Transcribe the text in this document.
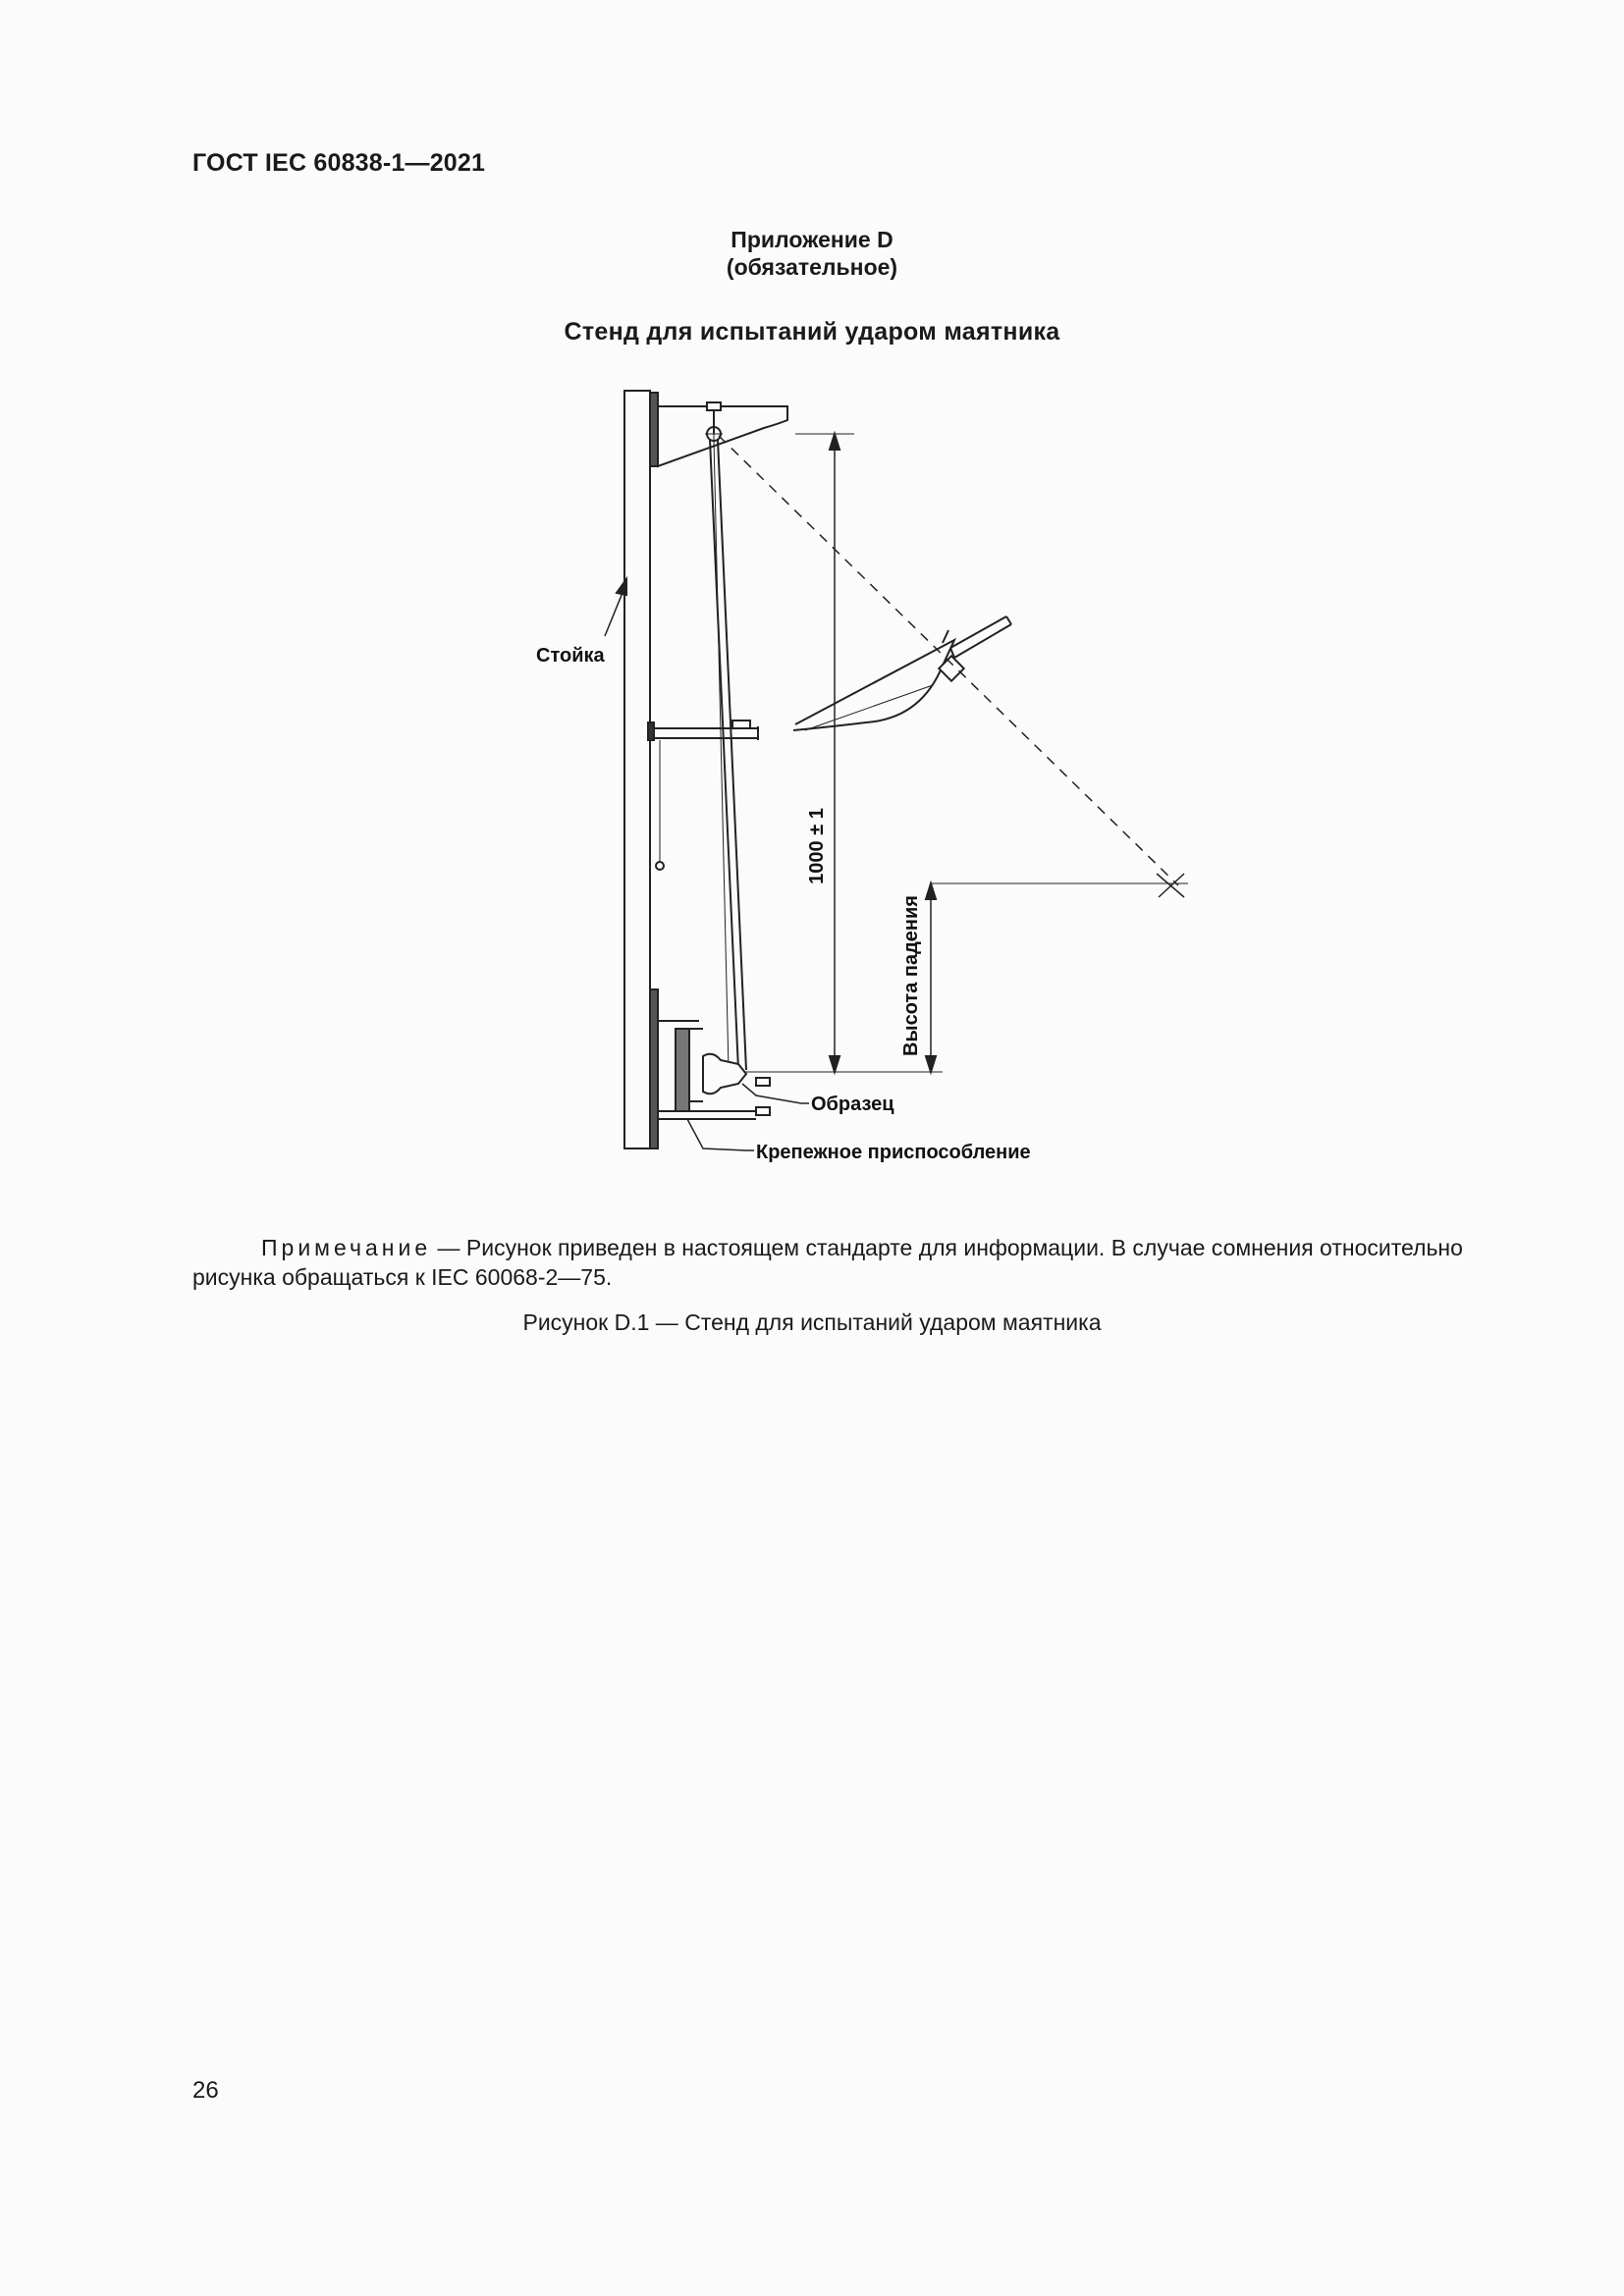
ГОСТ IEC 60838-1—2021
Приложение D
(обязательное)
Стенд для испытаний ударом маятника
Стойка
1000 ± 1
Высота падения
Образец
Крепежное приспособление

Примечание — Рисунок приведен в настоящем стандарте для информации. В случае сомнения относительно рисунка обращаться к IEC 60068-2—75.

Рисунок D.1 — Стенд для испытаний ударом маятника
26
